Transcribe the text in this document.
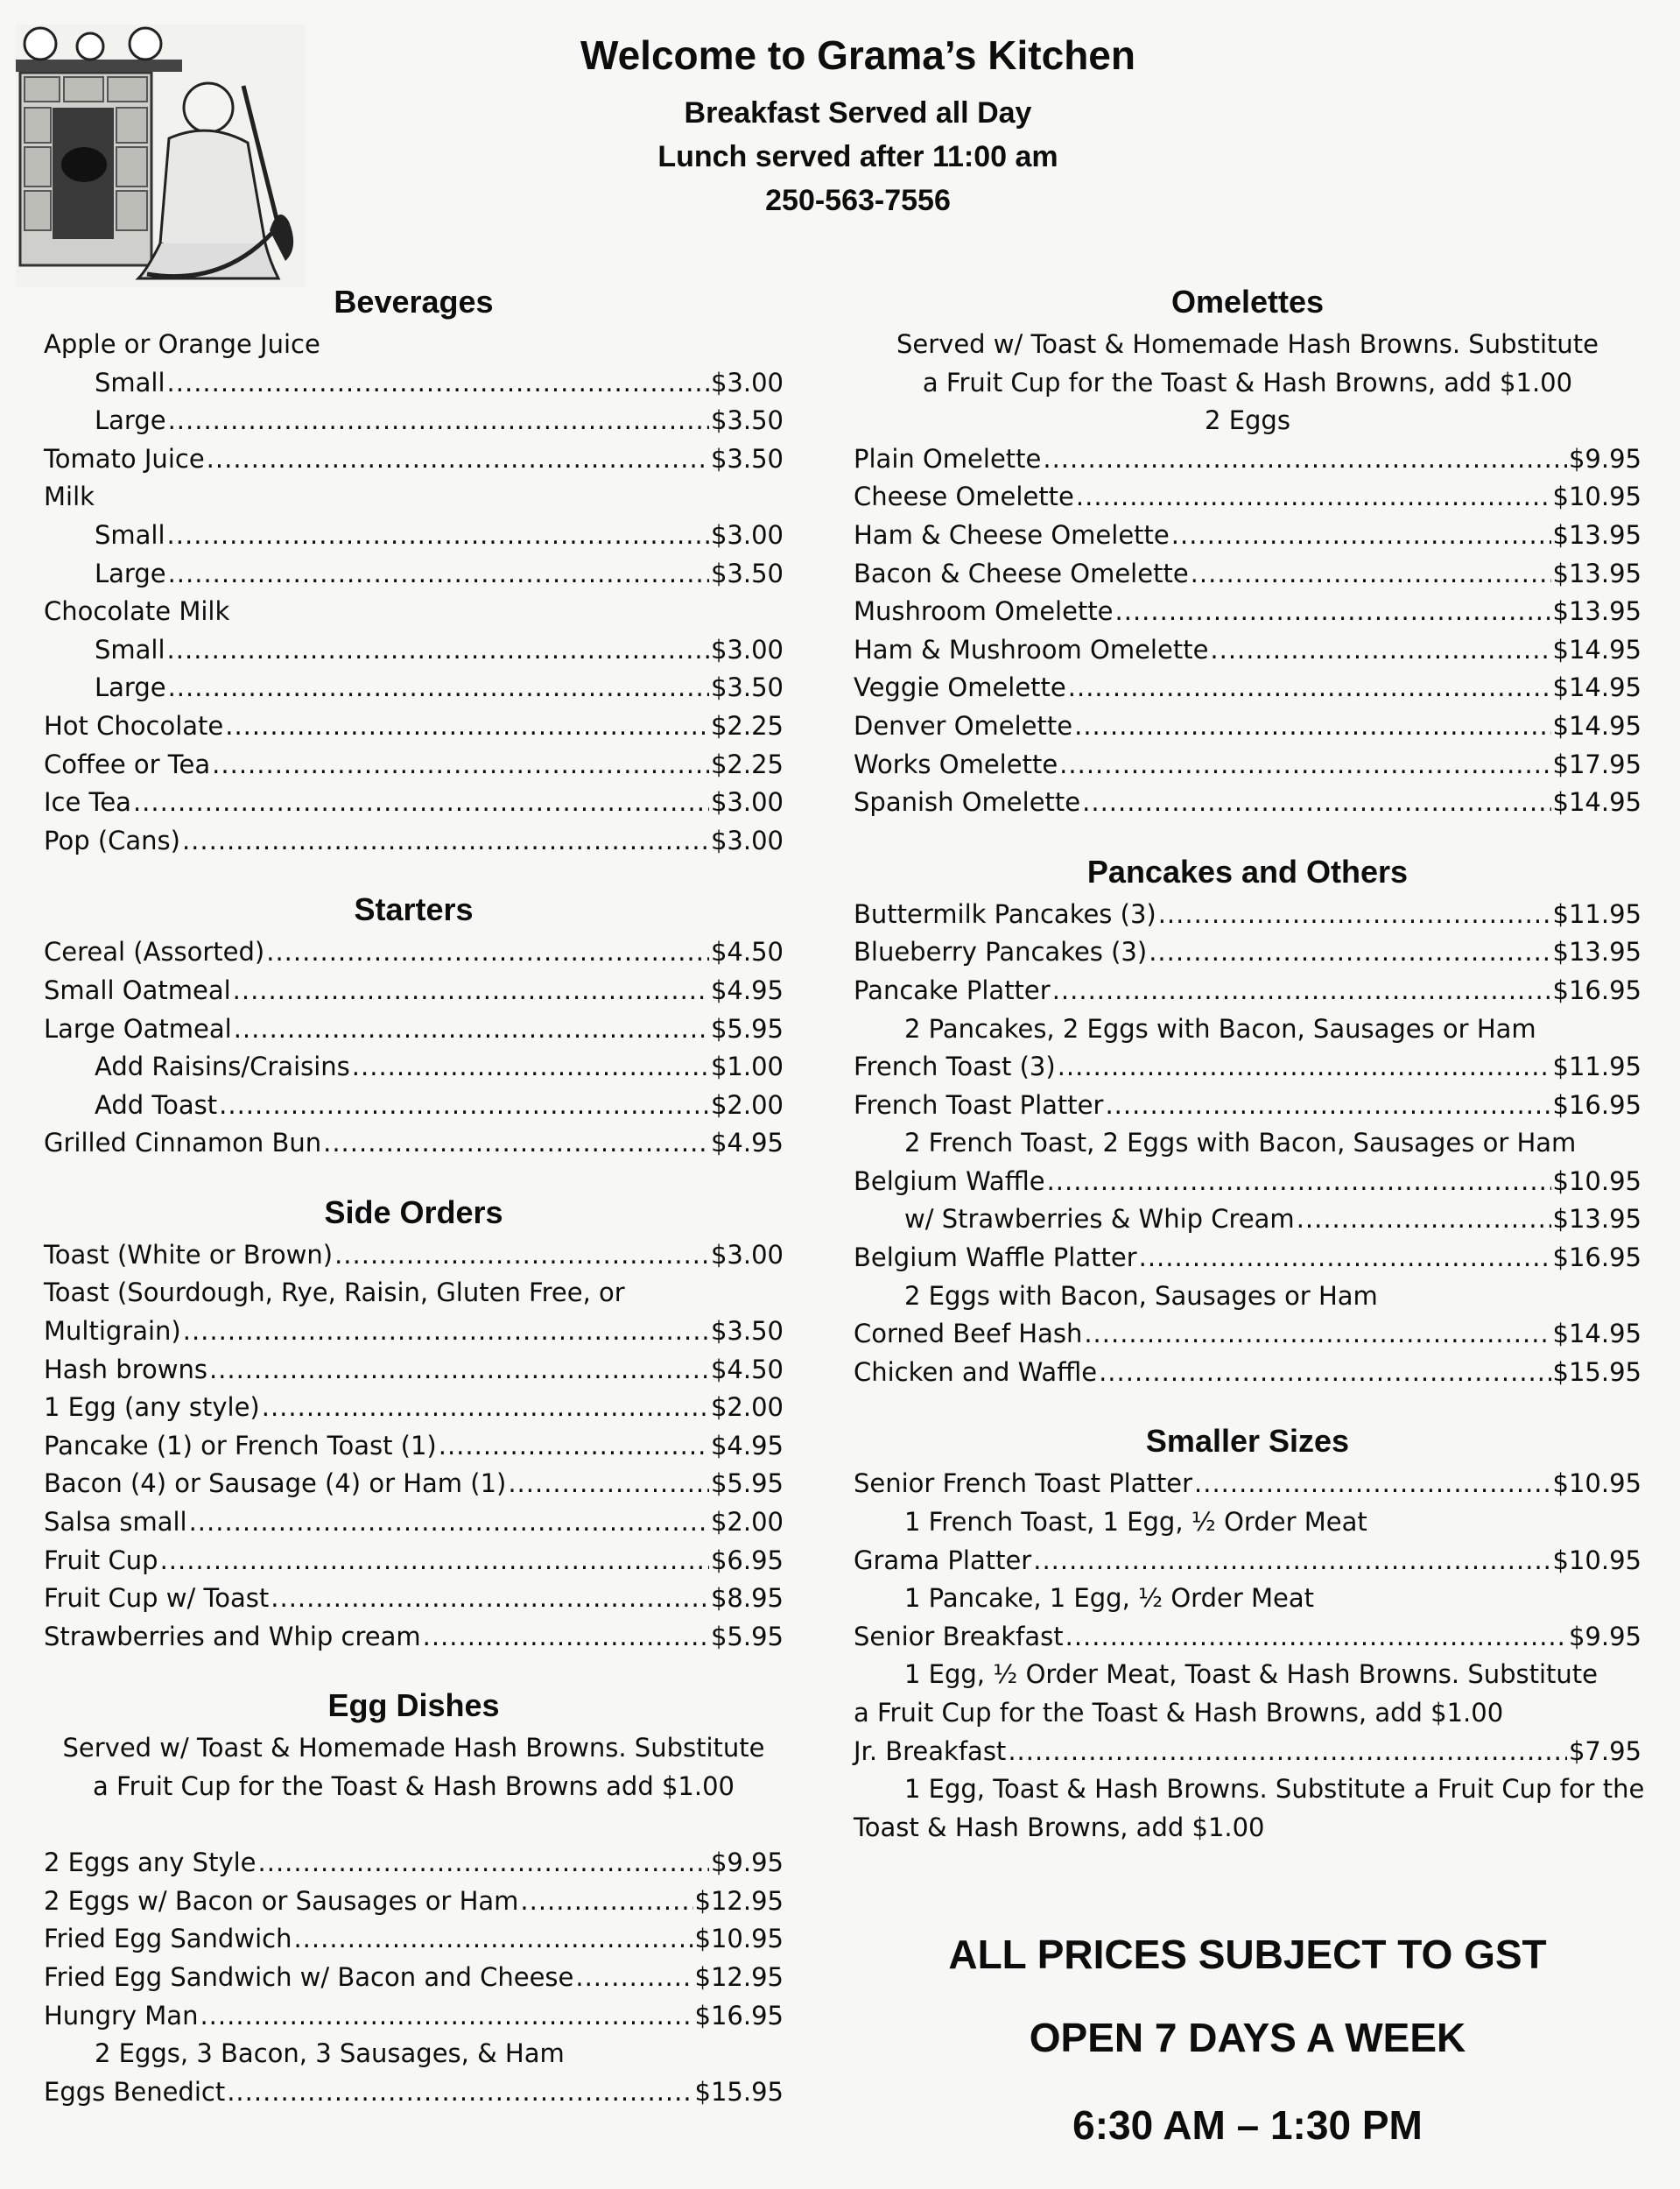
Welcome to Grama’s Kitchen
Breakfast Served all Day
Lunch served after 11:00 am
250-563-7556
Beverages
Apple or Orange Juice
Small .....	$3.00
Large .....	$3.50
Tomato Juice .....	$3.50
Milk
Small .....	$3.00
Large .....	$3.50
Chocolate Milk
Small .....	$3.00
Large .....	$3.50
Hot Chocolate .....	$2.25
Coffee or Tea .....	$2.25
Ice Tea .....	$3.00
Pop (Cans) .....	$3.00
Starters
Cereal (Assorted) .....	$4.50
Small Oatmeal .....	$4.95
Large Oatmeal .....	$5.95
Add Raisins/Craisins .....	$1.00
Add Toast .....	$2.00
Grilled Cinnamon Bun .....	$4.95
Side Orders
Toast (White or Brown) .....	$3.00
Toast (Sourdough, Rye, Raisin, Gluten Free, or
Multigrain) .....	$3.50
Hash browns .....	$4.50
1 Egg (any style) .....	$2.00
Pancake (1) or French Toast (1) .....	$4.95
Bacon (4) or Sausage (4) or Ham (1) .....	$5.95
Salsa small .....	$2.00
Fruit Cup .....	$6.95
Fruit Cup w/ Toast .....	$8.95
Strawberries and Whip cream .....	$5.95
Egg Dishes
Served w/ Toast & Homemade Hash Browns. Substitute
a Fruit Cup for the Toast & Hash Browns add $1.00
2 Eggs any Style .....	$9.95
2 Eggs w/ Bacon or Sausages or Ham .....	$12.95
Fried Egg Sandwich .....	$10.95
Fried Egg Sandwich w/ Bacon and Cheese .....	$12.95
Hungry Man .....	$16.95
2 Eggs, 3 Bacon, 3 Sausages, & Ham
Eggs Benedict .....	$15.95
Omelettes
Served w/ Toast & Homemade Hash Browns. Substitute
a Fruit Cup for the Toast & Hash Browns, add $1.00
2 Eggs
Plain Omelette .....	$9.95
Cheese Omelette .....	$10.95
Ham & Cheese Omelette .....	$13.95
Bacon & Cheese Omelette .....	$13.95
Mushroom Omelette .....	$13.95
Ham & Mushroom Omelette .....	$14.95
Veggie Omelette .....	$14.95
Denver Omelette .....	$14.95
Works Omelette .....	$17.95
Spanish Omelette .....	$14.95
Pancakes and Others
Buttermilk Pancakes (3) .....	$11.95
Blueberry Pancakes (3) .....	$13.95
Pancake Platter .....	$16.95
2 Pancakes, 2 Eggs with Bacon, Sausages or Ham
French Toast (3) .....	$11.95
French Toast Platter .....	$16.95
2 French Toast, 2 Eggs with Bacon, Sausages or Ham
Belgium Waffle .....	$10.95
w/ Strawberries & Whip Cream .....	$13.95
Belgium Waffle Platter .....	$16.95
2 Eggs with Bacon, Sausages or Ham
Corned Beef Hash .....	$14.95
Chicken and Waffle .....	$15.95
Smaller Sizes
Senior French Toast Platter .....	$10.95
1 French Toast, 1 Egg, ½ Order Meat
Grama Platter .....	$10.95
1 Pancake, 1 Egg, ½ Order Meat
Senior Breakfast .....	$9.95
1 Egg, ½ Order Meat, Toast & Hash Browns. Substitute
a Fruit Cup for the Toast & Hash Browns, add $1.00
Jr. Breakfast .....	$7.95
1 Egg, Toast & Hash Browns. Substitute a Fruit Cup for the
Toast & Hash Browns, add $1.00
ALL PRICES SUBJECT TO GST
OPEN 7 DAYS A WEEK
6:30 AM – 1:30 PM
